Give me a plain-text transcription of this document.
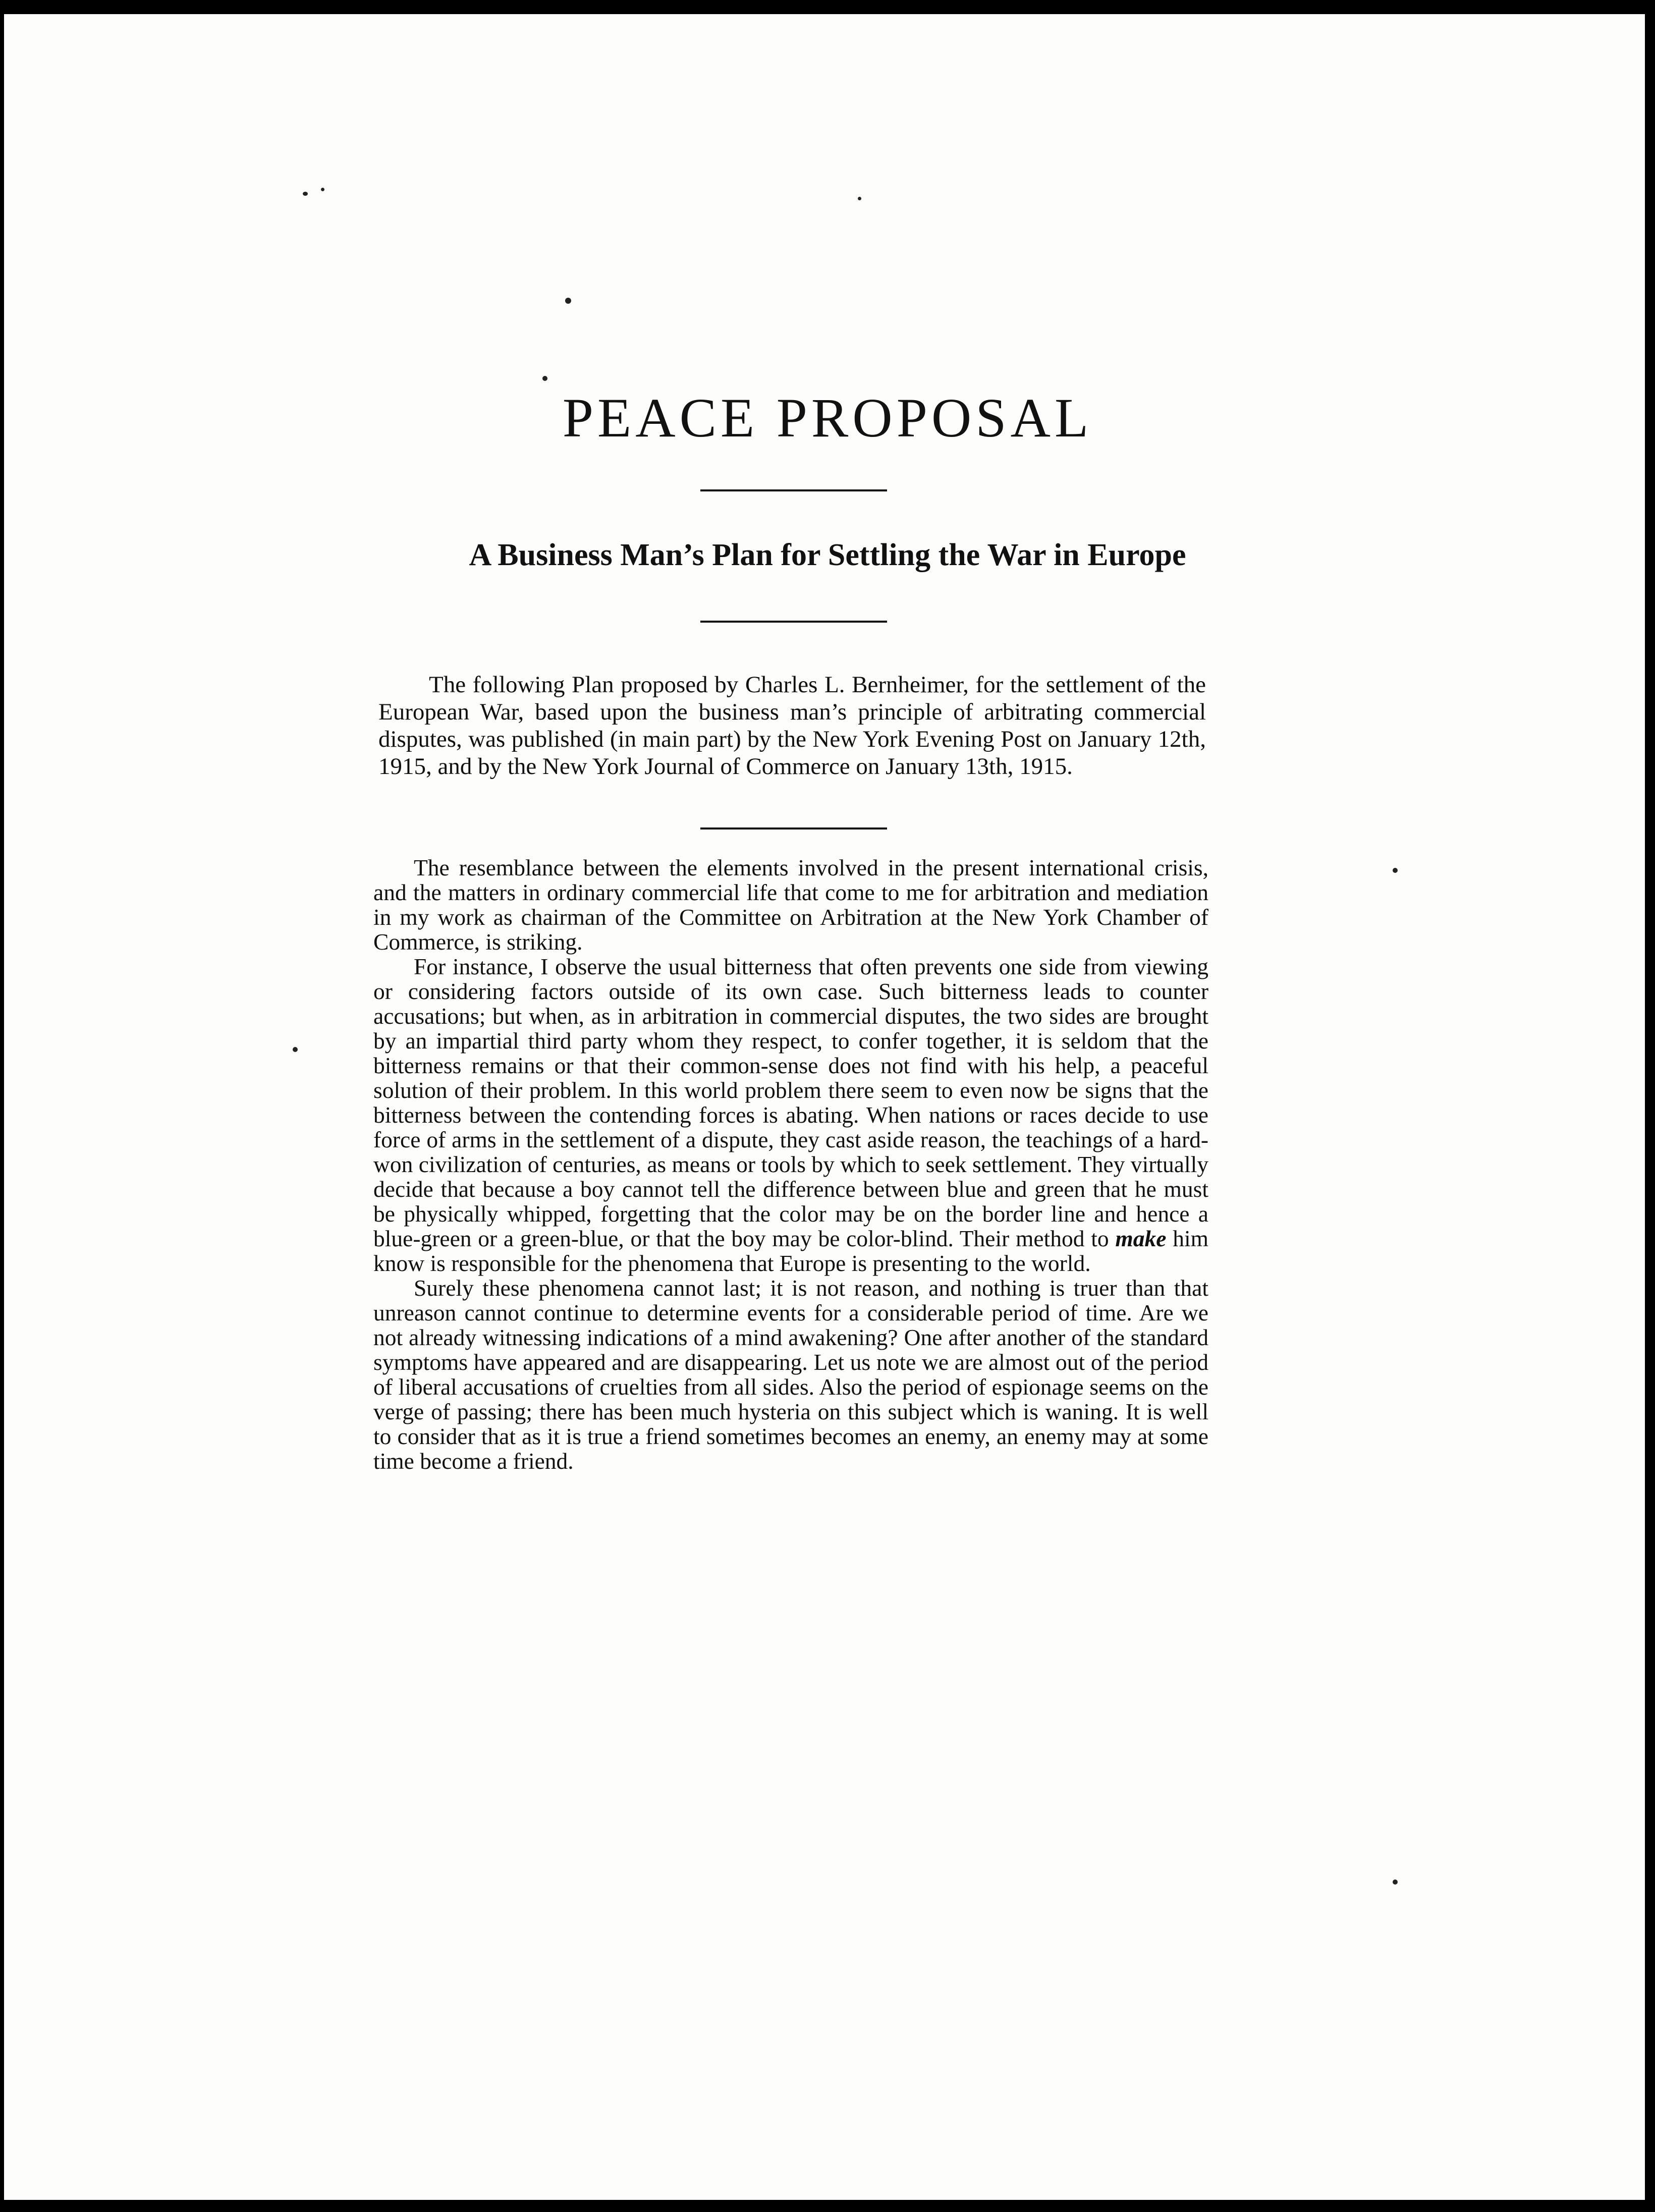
PEACE PROPOSAL
A Business Man’s Plan for Settling the War in Europe

The following Plan proposed by Charles L. Bernheimer, for the settlement of the European War, based upon the business man’s principle of arbitrating commercial disputes, was published (in main part) by the New York Evening Post on January 12th, 1915, and by the New York Journal of Commerce on January 13th, 1915.

The resemblance between the elements involved in the present international crisis, and the matters in ordinary commercial life that come to me for arbitration and mediation in my work as chairman of the Committee on Arbitration at the New York Chamber of Commerce, is striking.

For instance, I observe the usual bitterness that often prevents one side from viewing or considering factors outside of its own case. Such bitterness leads to counter accusations; but when, as in arbitration in commercial disputes, the two sides are brought by an impartial third party whom they respect, to confer together, it is seldom that the bitterness remains or that their common-sense does not find with his help, a peaceful solution of their problem. In this world problem there seem to even now be signs that the bitterness between the contending forces is abating. When nations or races decide to use force of arms in the settlement of a dispute, they cast aside reason, the teachings of a hard-won civilization of centuries, as means or tools by which to seek settlement. They virtually decide that because a boy cannot tell the difference between blue and green that he must be physically whipped, forgetting that the color may be on the border line and hence a blue-green or a green-blue, or that the boy may be color-blind. Their method to make him know is responsible for the phenomena that Europe is presenting to the world.

Surely these phenomena cannot last; it is not reason, and nothing is truer than that unreason cannot continue to determine events for a considerable period of time. Are we not already witnessing indications of a mind awakening? One after another of the standard symptoms have appeared and are disappearing. Let us note we are almost out of the period of liberal accusations of cruelties from all sides. Also the period of espionage seems on the verge of passing; there has been much hysteria on this subject which is waning. It is well to consider that as it is true a friend sometimes becomes an enemy, an enemy may at some time become a friend.
